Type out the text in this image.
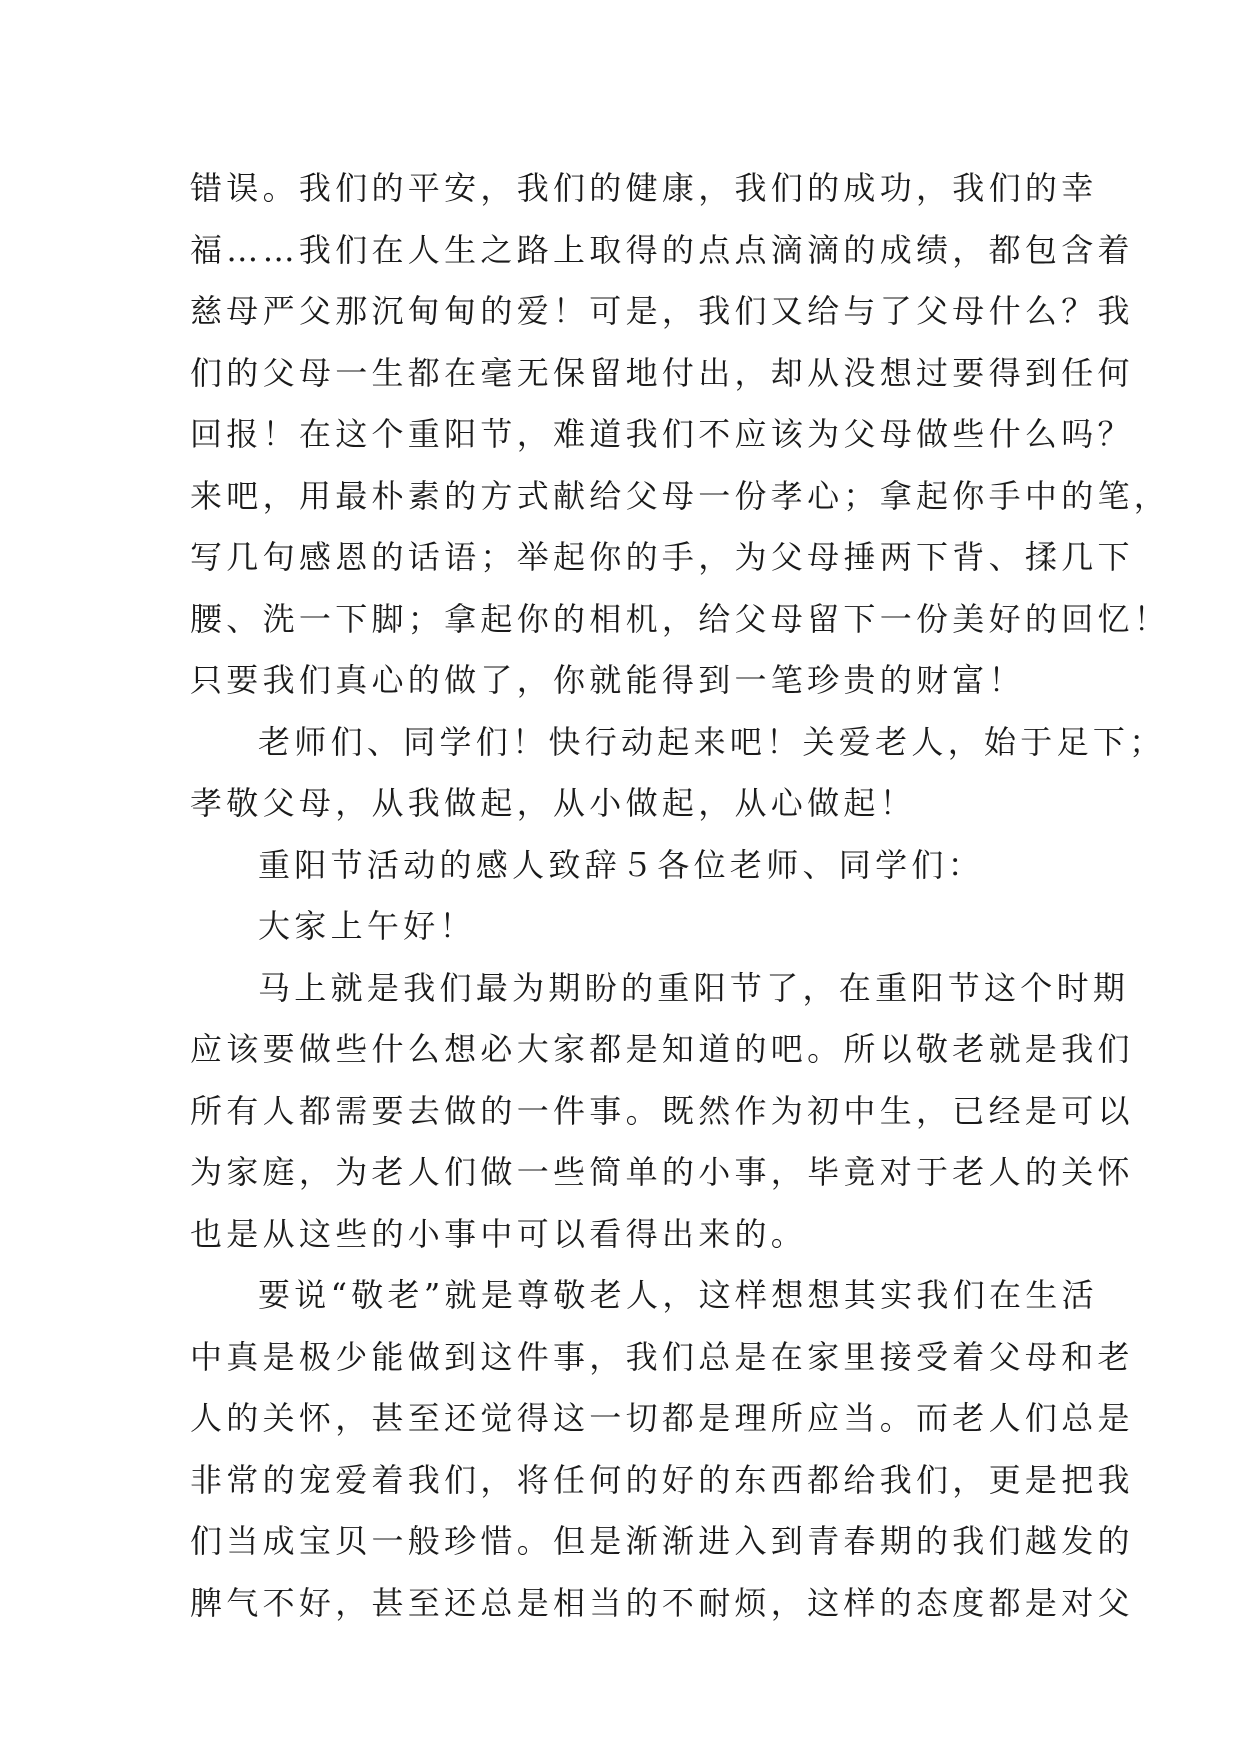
错误。我们的平安，我们的健康，我们的成功，我们的幸
福……我们在人生之路上取得的点点滴滴的成绩，都包含着
慈母严父那沉甸甸的爱！可是，我们又给与了父母什么？我
们的父母一生都在毫无保留地付出，却从没想过要得到任何
回报！在这个重阳节，难道我们不应该为父母做些什么吗？
来吧，用最朴素的方式献给父母一份孝心；拿起你手中的笔，
写几句感恩的话语；举起你的手，为父母捶两下背、揉几下
腰、洗一下脚；拿起你的相机，给父母留下一份美好的回忆！
只要我们真心的做了，你就能得到一笔珍贵的财富！
老师们、同学们！快行动起来吧！关爱老人，始于足下；
孝敬父母，从我做起，从小做起，从心做起！
重阳节活动的感人致辞５各位老师、同学们：
大家上午好！
马上就是我们最为期盼的重阳节了，在重阳节这个时期
应该要做些什么想必大家都是知道的吧。所以敬老就是我们
所有人都需要去做的一件事。既然作为初中生，已经是可以
为家庭，为老人们做一些简单的小事，毕竟对于老人的关怀
也是从这些的小事中可以看得出来的。
要说“敬老”就是尊敬老人，这样想想其实我们在生活
中真是极少能做到这件事，我们总是在家里接受着父母和老
人的关怀，甚至还觉得这一切都是理所应当。而老人们总是
非常的宠爱着我们，将任何的好的东西都给我们，更是把我
们当成宝贝一般珍惜。但是渐渐进入到青春期的我们越发的
脾气不好，甚至还总是相当的不耐烦，这样的态度都是对父
